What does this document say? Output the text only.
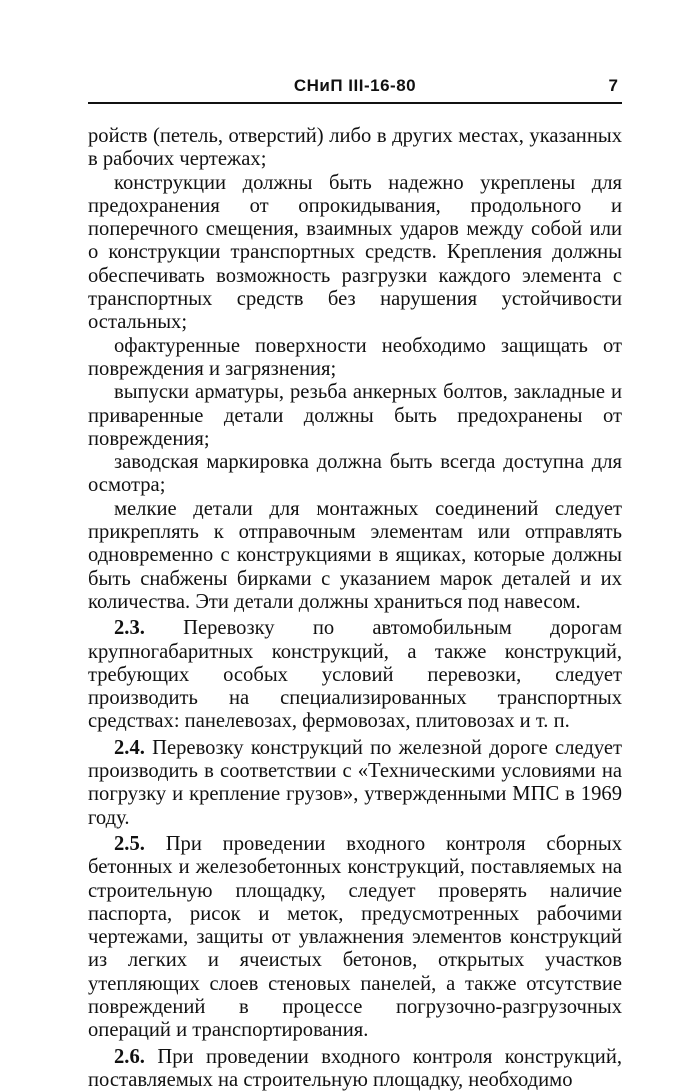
СНиП III-16-80	7

ройств (петель, отверстий) либо в других местах, указанных в рабочих чертежах;

конструкции должны быть надежно укреплены для предохранения от опрокидывания, продольного и поперечного смещения, взаимных ударов между собой или о конструкции транспортных средств. Крепления должны обеспечивать возможность разгрузки каждого элемента с транспортных средств без нарушения устойчивости остальных;

офактуренные поверхности необходимо защищать от повреждения и загрязнения;

выпуски арматуры, резьба анкерных болтов, закладные и приваренные детали должны быть предохранены от повреждения;

заводская маркировка должна быть всегда доступна для осмотра;

мелкие детали для монтажных соединений следует прикреплять к отправочным элементам или отправлять одновременно с конструкциями в ящиках, которые должны быть снабжены бирками с указанием марок деталей и их количества. Эти детали должны храниться под навесом.

2.3. Перевозку по автомобильным дорогам крупногабаритных конструкций, а также конструкций, требующих особых условий перевозки, следует производить на специализированных транспортных средствах: панелевозах, фермовозах, плитовозах и т. п.

2.4. Перевозку конструкций по железной дороге следует производить в соответствии с «Техническими условиями на погрузку и крепление грузов», утвержденными МПС в 1969 году.

2.5. При проведении входного контроля сборных бетонных и железобетонных конструкций, поставляемых на строительную площадку, следует проверять наличие паспорта, рисок и меток, предусмотренных рабочими чертежами, защиты от увлажнения элементов конструкций из легких и ячеистых бетонов, открытых участков утепляющих слоев стеновых панелей, а также отсутствие повреждений в процессе погрузочно-разгрузочных операций и транспортирования.

2.6. При проведении входного контроля конструкций, поставляемых на строительную площадку, необходимо
